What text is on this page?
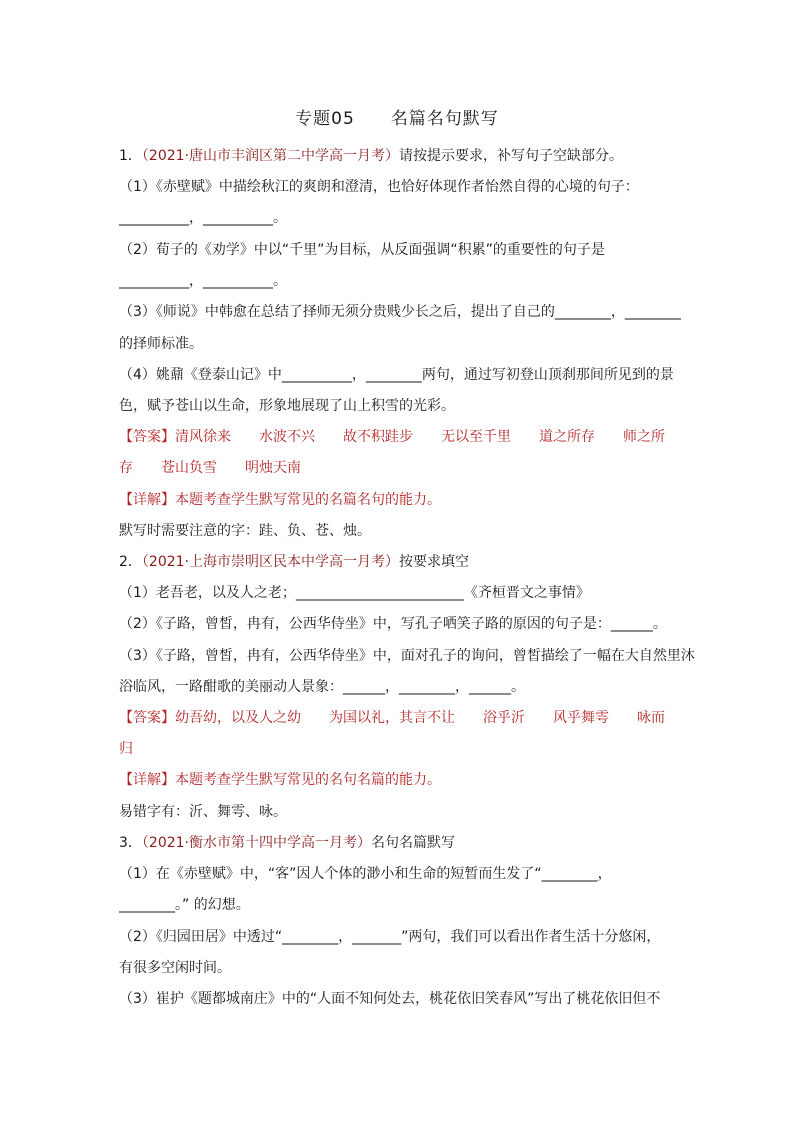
专题05 名篇名句默写
1．（2021·唐山市丰润区第二中学高一月考）请按提示要求，补写句子空缺部分。
（1）《赤壁赋》中描绘秋江的爽朗和澄清，也恰好体现作者怡然自得的心境的句子：
__________，__________。
（2）荀子的《劝学》中以“千里”为目标，从反面强调“积累”的重要性的句子是
__________，__________。
（3）《师说》中韩愈在总结了择师无须分贵贱少长之后，提出了自己的________，________
的择师标准。
（4）姚鼐《登泰山记》中__________，________两句，通过写初登山顶刹那间所见到的景
色，赋予苍山以生命，形象地展现了山上积雪的光彩。
【答案】清风徐来　　水波不兴　　故不积跬步　　无以至千里　　道之所存　　师之所
存　　苍山负雪　　明烛天南
【详解】本题考查学生默写常见的名篇名句的能力。
默写时需要注意的字：跬、负、苍、烛。
2．（2021·上海市崇明区民本中学高一月考）按要求填空
（1）老吾老，以及人之老；________________________《齐桓晋文之事情》
（2）《子路，曾皙，冉有，公西华侍坐》中，写孔子哂笑子路的原因的句子是：______。
（3）《子路，曾皙，冉有，公西华侍坐》中，面对孔子的询问，曾皙描绘了一幅在大自然里沐
浴临风，一路酣歌的美丽动人景象：______，________，______。
【答案】幼吾幼，以及人之幼　　为国以礼，其言不让　　浴乎沂　　风乎舞雩　　咏而
归
【详解】本题考查学生默写常见的名句名篇的能力。
易错字有：沂、舞雩、咏。
3．（2021·衡水市第十四中学高一月考）名句名篇默写
（1）在《赤壁赋》中，“客”因人个体的渺小和生命的短暂而生发了“________，
________。” 的幻想。
（2）《归园田居》中透过“________，_______”两句，我们可以看出作者生活十分悠闲，
有很多空闲时间。
（3）崔护《题都城南庄》中的“人面不知何处去，桃花依旧笑春风”写出了桃花依旧但不
